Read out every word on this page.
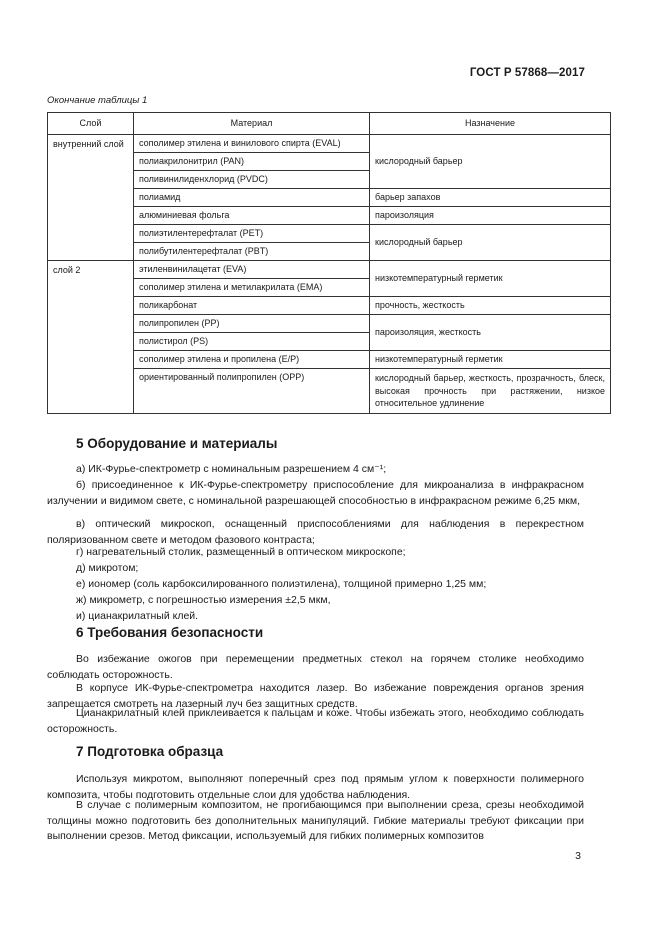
ГОСТ Р 57868—2017
Окончание таблицы 1
Слой	Материал	Назначение
внутренний слой	сополимер этилена и винилового спирта (EVAL)	кислородный барьер
	полиакрилонитрил (PAN)	
	поливинилиденхлорид (PVDC)	
	полиамид	барьер запахов
	алюминиевая фольга	пароизоляция
	полиэтилентерефталат (PET)	кислородный барьер
	полибутилентерефталат (PBT)	
слой 2	этиленвинилацетат (EVA)	низкотемпературный герметик
	сополимер этилена и метилакрилата (EMA)	
	поликарбонат	прочность, жесткость
	полипропилен (PP)	пароизоляция, жесткость
	полистирол (PS)	
	сополимер этилена и пропилена (E/P)	низкотемпературный герметик
	ориентированный полипропилен (OPP)	кислородный барьер, жесткость, прозрачность, блеск, высокая прочность при растяжении, низкое относительное удлинение
5 Оборудование и материалы

а) ИК-Фурье-спектрометр с номинальным разрешением 4 см⁻¹;

б) присоединенное к ИК-Фурье-спектрометру приспособление для микроанализа в инфракрасном излучении и видимом свете, с номинальной разрешающей способностью в инфракрасном режиме 6,25 мкм,

в) оптический микроскоп, оснащенный приспособлениями для наблюдения в перекрестном поляризованном свете и методом фазового контраста;

г) нагревательный столик, размещенный в оптическом микроскопе;

д) микротом;

е) иономер (соль карбоксилированного полиэтилена), толщиной примерно 1,25 мм;

ж) микрометр, с погрешностью измерения ±2,5 мкм,

и) цианакрилатный клей.

6 Требования безопасности

Во избежание ожогов при перемещении предметных стекол на горячем столике необходимо соблюдать осторожность.

В корпусе ИК-Фурье-спектрометра находится лазер. Во избежание повреждения органов зрения запрещается смотреть на лазерный луч без защитных средств.

Цианакрилатный клей приклеивается к пальцам и коже. Чтобы избежать этого, необходимо соблюдать осторожность.

7 Подготовка образца

Используя микротом, выполняют поперечный срез под прямым углом к поверхности полимерного композита, чтобы подготовить отдельные слои для удобства наблюдения.

В случае с полимерным композитом, не прогибающимся при выполнении среза, срезы необходимой толщины можно подготовить без дополнительных манипуляций. Гибкие материалы требуют фиксации при выполнении срезов. Метод фиксации, используемый для гибких полимерных композитов

3
